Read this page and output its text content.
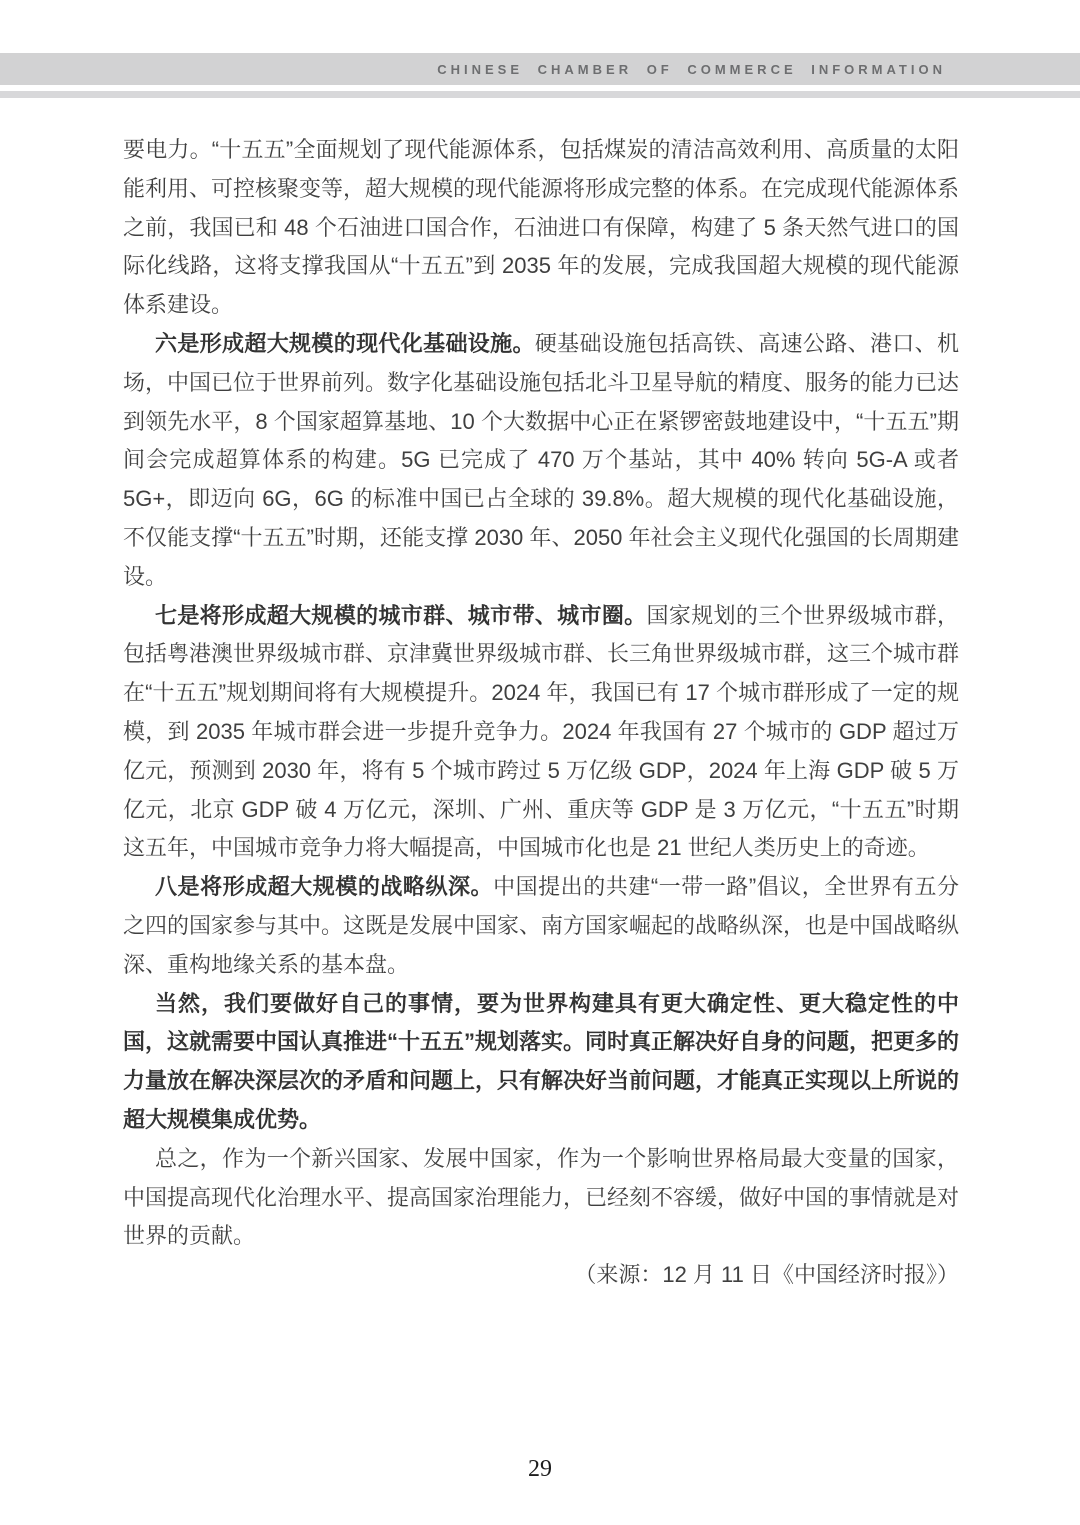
CHINESE CHAMBER OF COMMERCE INFORMATION

要电力。“十五五”全面规划了现代能源体系，包括煤炭的清洁高效利用、高质量的太阳能利用、可控核聚变等，超大规模的现代能源将形成完整的体系。在完成现代能源体系之前，我国已和 48 个石油进口国合作，石油进口有保障，构建了 5 条天然气进口的国际化线路，这将支撑我国从“十五五”到 2035 年的发展，完成我国超大规模的现代能源体系建设。

六是形成超大规模的现代化基础设施。硬基础设施包括高铁、高速公路、港口、机场，中国已位于世界前列。数字化基础设施包括北斗卫星导航的精度、服务的能力已达到领先水平，8 个国家超算基地、10 个大数据中心正在紧锣密鼓地建设中，“十五五”期间会完成超算体系的构建。5G 已完成了 470 万个基站，其中 40% 转向 5G-A 或者 5G+，即迈向 6G，6G 的标准中国已占全球的 39.8%。超大规模的现代化基础设施，不仅能支撑“十五五”时期，还能支撑 2030 年、2050 年社会主义现代化强国的长周期建设。

七是将形成超大规模的城市群、城市带、城市圈。国家规划的三个世界级城市群，包括粤港澳世界级城市群、京津冀世界级城市群、长三角世界级城市群，这三个城市群在“十五五”规划期间将有大规模提升。2024 年，我国已有 17 个城市群形成了一定的规模，到 2035 年城市群会进一步提升竞争力。2024 年我国有 27 个城市的 GDP 超过万亿元，预测到 2030 年，将有 5 个城市跨过 5 万亿级 GDP，2024 年上海 GDP 破 5 万亿元，北京 GDP 破 4 万亿元，深圳、广州、重庆等 GDP 是 3 万亿元，“十五五”时期这五年，中国城市竞争力将大幅提高，中国城市化也是 21 世纪人类历史上的奇迹。

八是将形成超大规模的战略纵深。中国提出的共建“一带一路”倡议，全世界有五分之四的国家参与其中。这既是发展中国家、南方国家崛起的战略纵深，也是中国战略纵深、重构地缘关系的基本盘。

当然，我们要做好自己的事情，要为世界构建具有更大确定性、更大稳定性的中国，这就需要中国认真推进“十五五”规划落实。同时真正解决好自身的问题，把更多的力量放在解决深层次的矛盾和问题上，只有解决好当前问题，才能真正实现以上所说的超大规模集成优势。

总之，作为一个新兴国家、发展中国家，作为一个影响世界格局最大变量的国家，中国提高现代化治理水平、提高国家治理能力，已经刻不容缓，做好中国的事情就是对世界的贡献。

（来源：12 月 11 日《中国经济时报》）

29
